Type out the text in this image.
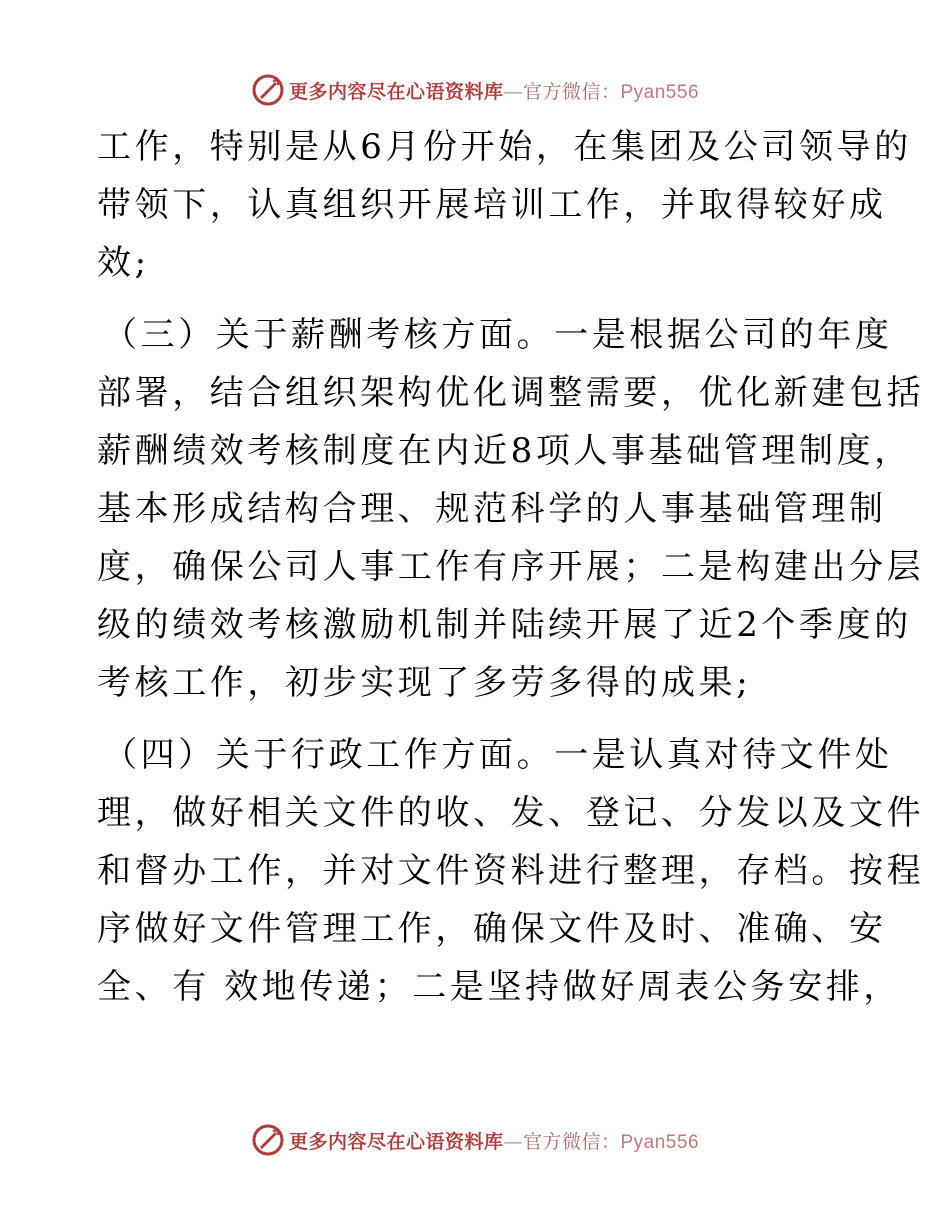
更多内容尽在心语资料库—官方微信：Pyan556
工作，特别是从6月份开始，在集团及公司领导的
带领下，认真组织开展培训工作，并取得较好成
效;
（三）关于薪酬考核方面。一是根据公司的年度
部署，结合组织架构优化调整需要，优化新建包括
薪酬绩效考核制度在内近8项人事基础管理制度，
基本形成结构合理、规范科学的人事基础管理制
度，确保公司人事工作有序开展；二是构建出分层
级的绩效考核激励机制并陆续开展了近2个季度的
考核工作，初步实现了多劳多得的成果;
（四）关于行政工作方面。一是认真对待文件处
理，做好相关文件的收、发、登记、分发以及文件
和督办工作，并对文件资料进行整理，存档。按程
序做好文件管理工作，确保文件及时、准确、安
全、有 效地传递；二是坚持做好周表公务安排，
更多内容尽在心语资料库—官方微信：Pyan556
